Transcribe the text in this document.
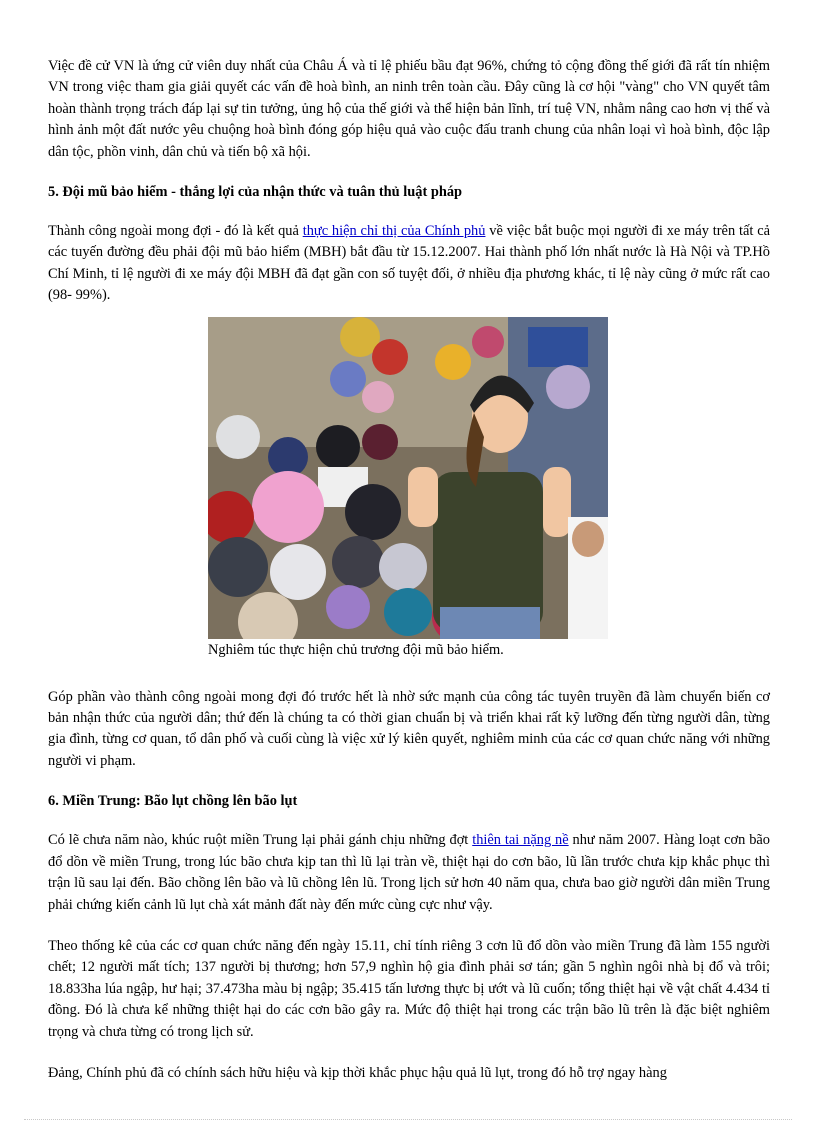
Việc đề cử VN là ứng cử viên duy nhất của Châu Á và tỉ lệ phiếu bầu đạt 96%, chứng tỏ cộng đồng thế giới đã rất tín nhiệm VN trong việc tham gia giải quyết các vấn đề hoà bình, an ninh trên toàn cầu. Đây cũng là cơ hội "vàng" cho VN quyết tâm hoàn thành trọng trách đáp lại sự tin tưởng, ủng hộ của thế giới và thể hiện bản lĩnh, trí tuệ VN, nhằm nâng cao hơn vị thế và hình ảnh một đất nước yêu chuộng hoà bình đóng góp hiệu quả vào cuộc đấu tranh chung của nhân loại vì hoà bình, độc lập dân tộc, phồn vinh, dân chủ và tiến bộ xã hội.

5. Đội mũ bảo hiểm - thắng lợi của nhận thức và tuân thủ luật pháp

Thành công ngoài mong đợi - đó là kết quả thực hiện chỉ thị của Chính phủ về việc bắt buộc mọi người đi xe máy trên tất cả các tuyến đường đều phải đội mũ bảo hiểm (MBH) bắt đầu từ 15.12.2007. Hai thành phố lớn nhất nước là Hà Nội và TP.Hồ Chí Minh, tỉ lệ người đi xe máy đội MBH đã đạt gần con số tuyệt đối, ở nhiều địa phương khác, tỉ lệ này cũng ở mức rất cao (98- 99%).

Nghiêm túc thực hiện chủ trương đội mũ bảo hiểm.

Góp phần vào thành công ngoài mong đợi đó trước hết là nhờ sức mạnh của công tác tuyên truyền đã làm chuyển biến cơ bản nhận thức của người dân; thứ đến là chúng ta có thời gian chuẩn bị và triển khai rất kỹ lưỡng đến từng người dân, từng gia đình, từng cơ quan, tổ dân phố và cuối cùng là việc xử lý kiên quyết, nghiêm minh của các cơ quan chức năng với những người vi phạm.

6. Miền Trung: Bão lụt chồng lên bão lụt

Có lẽ chưa năm nào, khúc ruột miền Trung lại phải gánh chịu những đợt thiên tai nặng nề như năm 2007. Hàng loạt cơn bão đổ dồn về miền Trung, trong lúc bão chưa kịp tan thì lũ lại tràn về, thiệt hại do cơn bão, lũ lần trước chưa kịp khắc phục thì trận lũ sau lại đến. Bão chồng lên bão và lũ chồng lên lũ. Trong lịch sử hơn 40 năm qua, chưa bao giờ người dân miền Trung phải chứng kiến cảnh lũ lụt chà xát mảnh đất này đến mức cùng cực như vậy.

Theo thống kê của các cơ quan chức năng đến ngày 15.11, chỉ tính riêng 3 cơn lũ đổ dồn vào miền Trung đã làm 155 người chết; 12 người mất tích; 137 người bị thương; hơn 57,9 nghìn hộ gia đình phải sơ tán; gần 5 nghìn ngôi nhà bị đổ và trôi; 18.833ha lúa ngập, hư hại; 37.473ha màu bị ngập; 35.415 tấn lương thực bị ướt và lũ cuốn; tổng thiệt hại về vật chất 4.434 tỉ đồng. Đó là chưa kể những thiệt hại do các cơn bão gây ra. Mức độ thiệt hại trong các trận bão lũ trên là đặc biệt nghiêm trọng và chưa từng có trong lịch sử.

Đảng, Chính phủ đã có chính sách hữu hiệu và kịp thời khắc phục hậu quả lũ lụt, trong đó hỗ trợ ngay hàng
